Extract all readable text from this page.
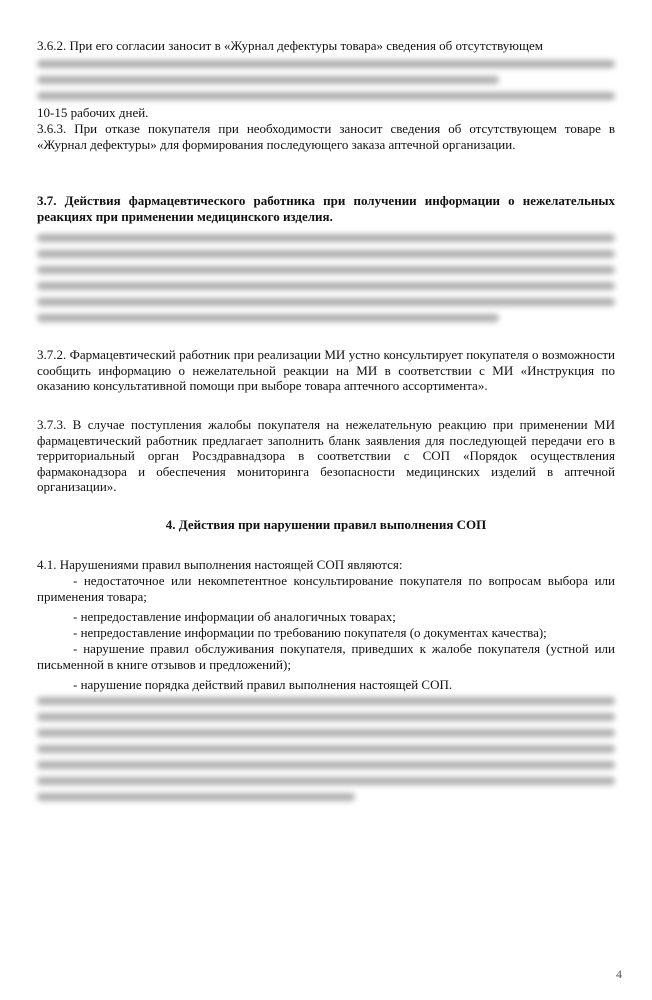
3.6.2. При его согласии заносит в «Журнал дефектуры товара» сведения об отсутствующем

10-15 рабочих дней.

3.6.3. При отказе покупателя при необходимости заносит сведения об отсутствующем товаре в «Журнал дефектуры» для формирования последующего заказа аптечной организации.

3.7. Действия фармацевтического работника при получении информации о нежелательных реакциях при применении медицинского изделия.

3.7.2. Фармацевтический работник при реализации МИ устно консультирует покупателя о возможности сообщить информацию о нежелательной реакции на МИ в соответствии с МИ «Инструкция по оказанию консультативной помощи при выборе товара аптечного ассортимента».

3.7.3. В случае поступления жалобы покупателя на нежелательную реакцию при применении МИ фармацевтический работник предлагает заполнить бланк заявления для последующей передачи его в территориальный орган Росздравнадзора в соответствии с СОП «Порядок осуществления фармаконадзора и обеспечения мониторинга безопасности медицинских изделий в аптечной организации».

4. Действия при нарушении правил выполнения СОП

4.1. Нарушениями правил выполнения настоящей СОП являются:

- недостаточное или некомпетентное консультирование покупателя по вопросам выбора или применения товара;

- непредоставление информации об аналогичных товарах;

- непредоставление информации по требованию покупателя (о документах качества);

- нарушение правил обслуживания покупателя, приведших к жалобе покупателя (устной или письменной в книге отзывов и предложений);

- нарушение порядка действий правил выполнения настоящей СОП.

4
